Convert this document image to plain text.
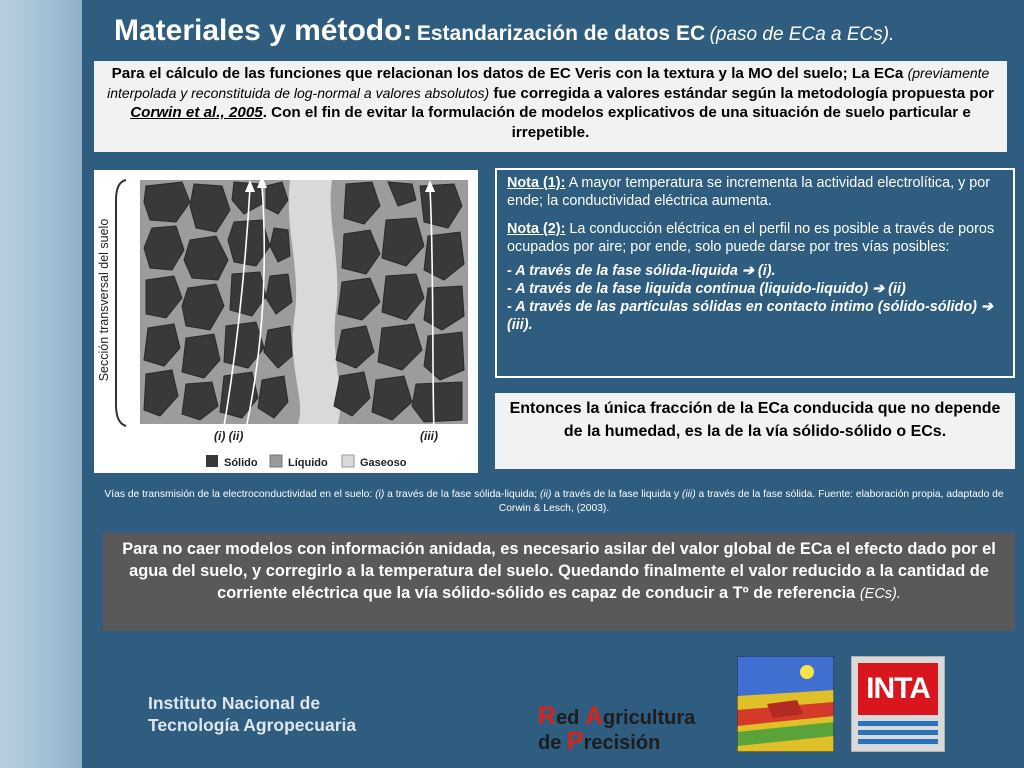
Materiales y método: Estandarización de datos EC (paso de ECa a ECs).
Para el cálculo de las funciones que relacionan los datos de EC Veris con la textura y la MO del suelo; La ECa (previamente interpolada y reconstituida de log-normal a valores absolutos) fue corregida a valores estándar según la metodología propuesta por Corwin et al., 2005. Con el fin de evitar la formulación de modelos explicativos de una situación de suelo particular e irrepetible.
Sección transversal del suelo
(i) (ii)	(iii)
Sólido	Líquido	Gaseoso

Nota (1): A mayor temperatura se incrementa la actividad electrolítica, y por ende; la conductividad eléctrica aumenta.

Nota (2): La conducción eléctrica en el perfil no es posible a través de poros ocupados por aire; por ende, solo puede darse por tres vías posibles:

- A través de la fase sólida-liquida ➔ (i).
- A través de la fase liquida continua (liquido-liquido) ➔ (ii)
- A través de las partículas sólidas en contacto intimo (sólido-sólido) ➔ (iii).
Entonces la única fracción de la ECa conducida que no depende de la humedad, es la de la vía sólido-sólido o ECs.
Vías de transmisión de la electroconductividad en el suelo: (i) a través de la fase sólida-liquida; (ii) a través de la fase liquida y (iii) a través de la fase sólida. Fuente: elaboración propia, adaptado de Corwin & Lesch, (2003).
Para no caer modelos con información anidada, es necesario asilar del valor global de ECa el efecto dado por el agua del suelo, y corregirlo a la temperatura del suelo. Quedando finalmente el valor reducido a la cantidad de corriente eléctrica que la vía sólido-sólido es capaz de conducir a Tº de referencia (ECs).
Instituto Nacional de
Tecnología Agropecuaria	Red Agricultura
de Precisión
INTA
